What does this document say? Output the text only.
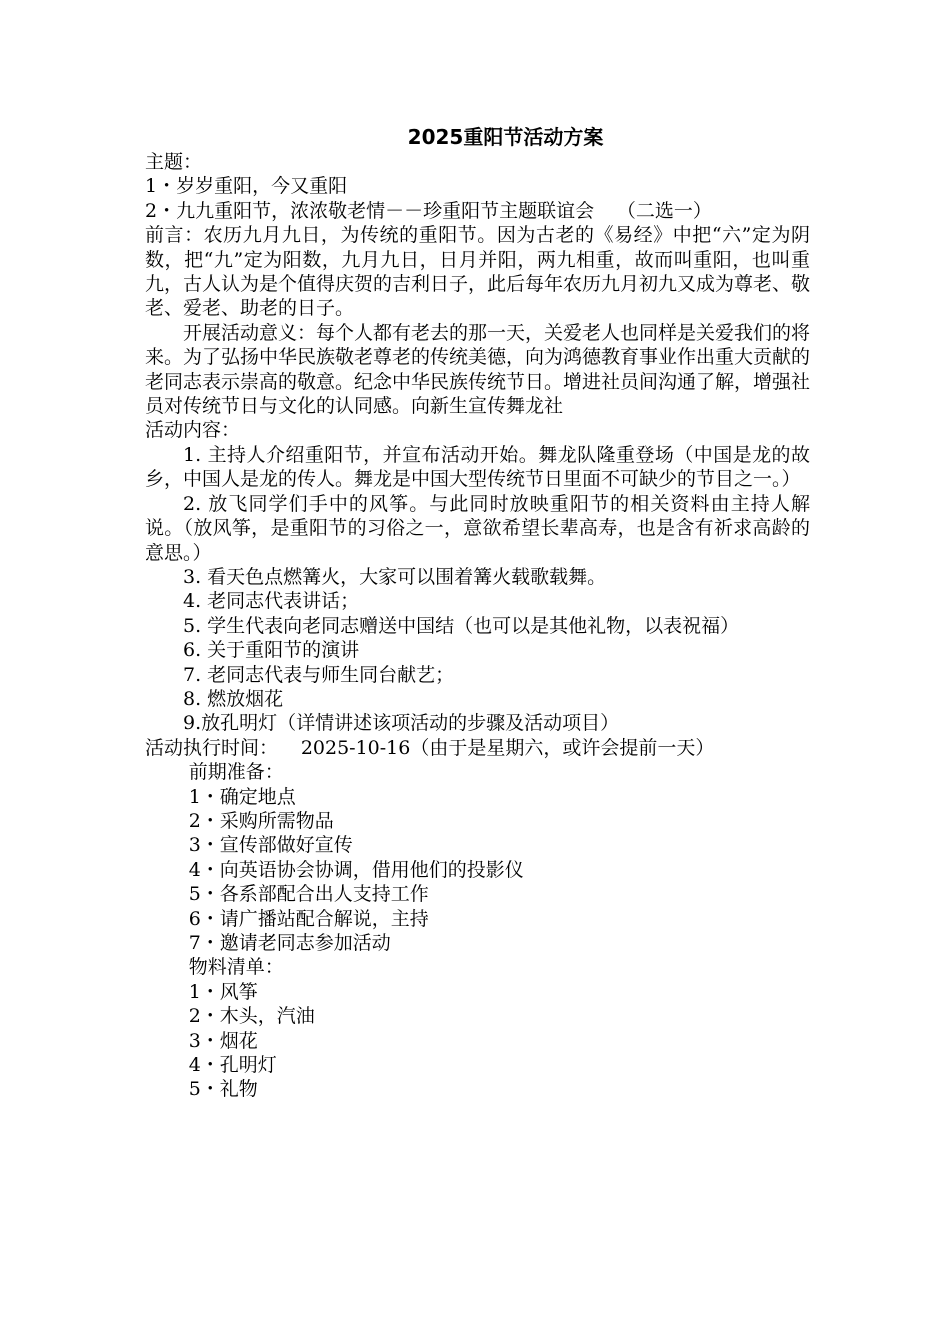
2025重阳节活动方案
主题：
1・岁岁重阳，今又重阳
2・九九重阳节，浓浓敬老情－－珍重阳节主题联谊会 （二选一）
前言：农历九月九日，为传统的重阳节。因为古老的《易经》中把“六”定为阴数，把“九”定为阳数，九月九日，日月并阳，两九相重，故而叫重阳，也叫重九，古人认为是个值得庆贺的吉利日子，此后每年农历九月初九又成为尊老、敬老、爱老、助老的日子。
开展活动意义：每个人都有老去的那一天，关爱老人也同样是关爱我们的将来。为了弘扬中华民族敬老尊老的传统美德，向为鸿德教育事业作出重大贡献的老同志表示崇高的敬意。纪念中华民族传统节日。增进社员间沟通了解，增强社员对传统节日与文化的认同感。向新生宣传舞龙社
活动内容：
1. 主持人介绍重阳节，并宣布活动开始。舞龙队隆重登场（中国是龙的故乡，中国人是龙的传人。舞龙是中国大型传统节日里面不可缺少的节目之一。）
2. 放飞同学们手中的风筝。与此同时放映重阳节的相关资料由主持人解说。（放风筝，是重阳节的习俗之一，意欲希望长辈高寿，也是含有祈求高龄的意思。）
3. 看天色点燃篝火，大家可以围着篝火载歌载舞。
4. 老同志代表讲话；
5. 学生代表向老同志赠送中国结（也可以是其他礼物，以表祝福）
6. 关于重阳节的演讲
7. 老同志代表与师生同台献艺；
8. 燃放烟花
9.放孔明灯（详情讲述该项活动的步骤及活动项目）
活动执行时间： 2025-10-16（由于是星期六，或许会提前一天）
前期准备：
1・确定地点
2・采购所需物品
3・宣传部做好宣传
4・向英语协会协调，借用他们的投影仪
5・各系部配合出人支持工作
6・请广播站配合解说，主持
7・邀请老同志参加活动
物料清单：
1・风筝
2・木头，汽油
3・烟花
4・孔明灯
5・礼物
